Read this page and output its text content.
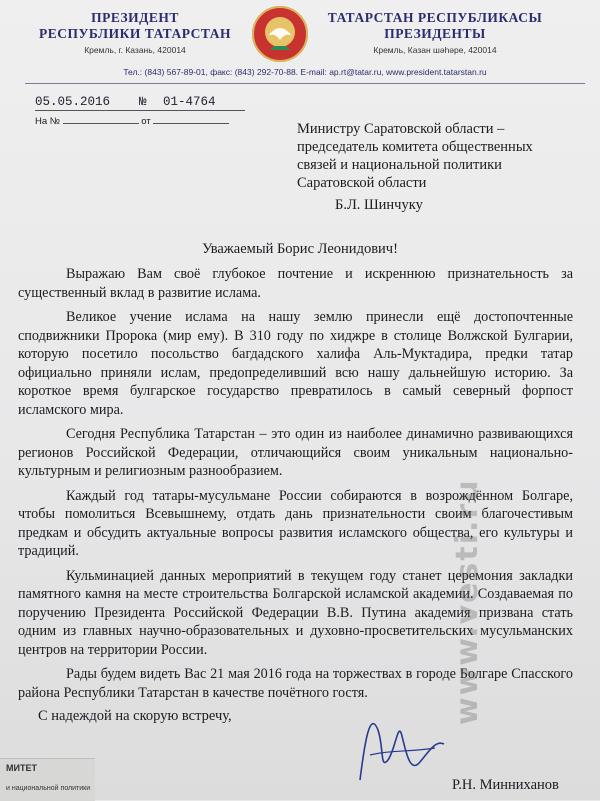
ПРЕЗИДЕНТ
РЕСПУБЛИКИ ТАТАРСТАН
Кремль, г. Казань, 420014
ТАТАРСТАН РЕСПУБЛИКАСЫ
ПРЕЗИДЕНТЫ
Кремль, Казан шәһәре, 420014
Тел.: (843) 567-89-01, факс: (843) 292-70-88. E-mail: ap.rt@tatar.ru, www.president.tatarstan.ru
05.05.2016 № 01-4764
На №	от	Министру Саратовской области –
председатель комитета общественных
связей и национальной политики
Саратовской области
Б.Л. Шинчуку
Уважаемый Борис Леонидович!

Выражаю Вам своё глубокое почтение и искреннюю признательность за существенный вклад в развитие ислама.

Великое учение ислама на нашу землю принесли ещё достопочтенные сподвижники Пророка (мир ему). В 310 году по хиджре в столице Волжской Булгарии, которую посетило посольство багдадского халифа Аль-Муктадира, предки татар официально приняли ислам, предопределивший всю нашу дальнейшую историю. За короткое время булгарское государство превратилось в самый северный форпост исламского мира.

Сегодня Республика Татарстан – это один из наиболее динамично развивающихся регионов Российской Федерации, отличающийся своим уникальным национально-культурным и религиозным разнообразием.

Каждый год татары-мусульмане России собираются в возрождённом Болгаре, чтобы помолиться Всевышнему, отдать дань признательности своим благочестивым предкам и обсудить актуальные вопросы развития исламского общества, его культуры и традиций.

Кульминацией данных мероприятий в текущем году станет церемония закладки памятного камня на месте строительства Болгарской исламской академии. Создаваемая по поручению Президента Российской Федерации В.В. Путина академия призвана стать одним из главных научно-образовательных и духовно-просветительских мусульманских центров на территории России.

Рады будем видеть Вас 21 мая 2016 года на торжествах в городе Болгаре Спасского района Республики Татарстан в качестве почётного гостя.

С надеждой на скорую встречу,
Р.Н. Минниханов
МИТЕТ
и национальной политики
www.vesti.ru
